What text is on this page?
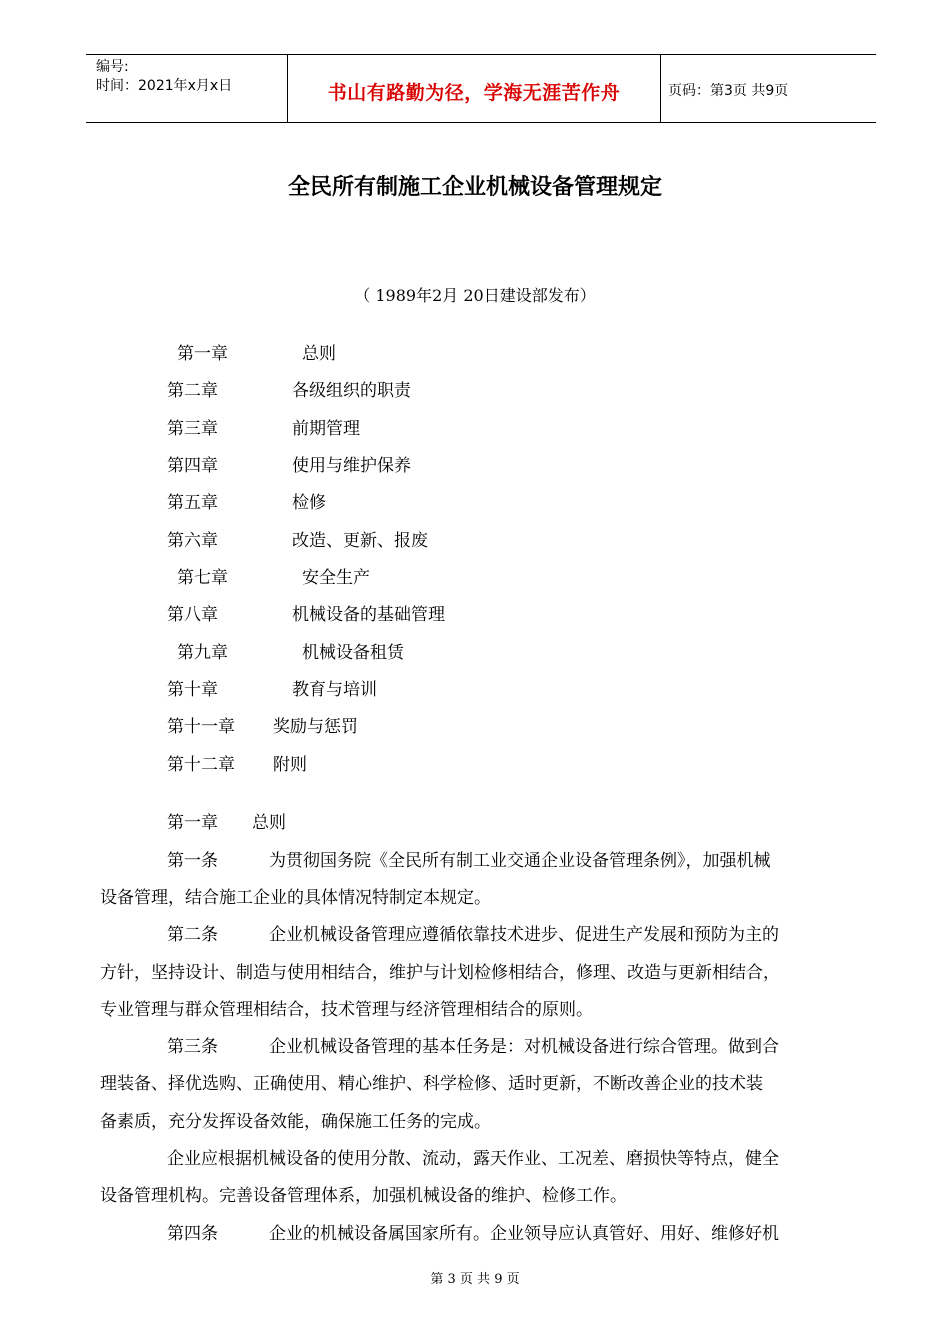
编号:
时间：2021年x月x日	书山有路勤为径，学海无涯苦作舟	页码：第3页 共9页
全民所有制施工企业机械设备管理规定
（ 1989年2月 20日建设部发布）
第一章	总则
第二章	各级组织的职责
第三章	前期管理
第四章	使用与维护保养
第五章	检修
第六章	改造、更新、报废
第七章	安全生产
第八章	机械设备的基础管理
第九章	机械设备租赁
第十章	教育与培训
第十一章 奖励与惩罚
第十二章 附则
第一章　　总则
第一条　　　为贯彻国务院《全民所有制工业交通企业设备管理条例》，加强机械
设备管理，结合施工企业的具体情况特制定本规定。
第二条　　　企业机械设备管理应遵循依靠技术进步、促进生产发展和预防为主的
方针，坚持设计、制造与使用相结合，维护与计划检修相结合，修理、改造与更新相结合，
专业管理与群众管理相结合，技术管理与经济管理相结合的原则。
第三条　　　企业机械设备管理的基本任务是：对机械设备进行综合管理。做到合
理装备、择优选购、正确使用、精心维护、科学检修、适时更新，不断改善企业的技术装
备素质，充分发挥设备效能，确保施工任务的完成。
企业应根据机械设备的使用分散、流动，露天作业、工况差、磨损快等特点，健全
设备管理机构。完善设备管理体系，加强机械设备的维护、检修工作。
第四条　　　企业的机械设备属国家所有。企业领导应认真管好、用好、维修好机
第 3 页 共 9 页
